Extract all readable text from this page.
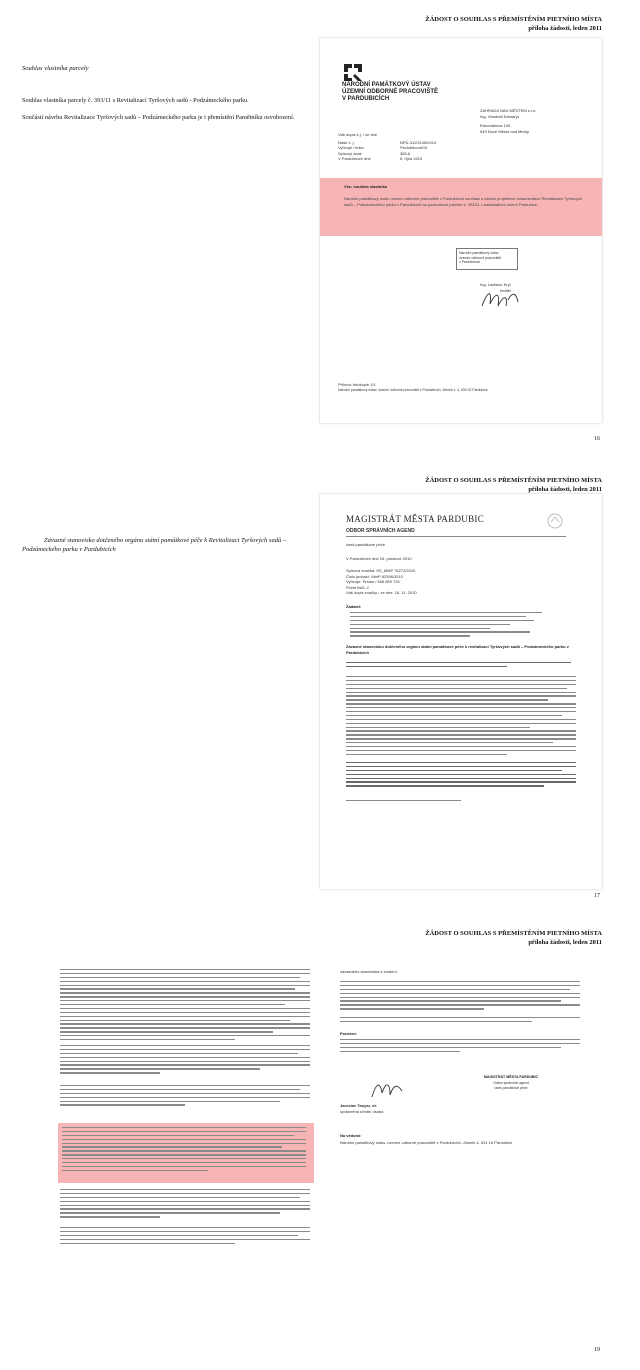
ŽÁDOST O SOUHLAS S PŘEMÍSTĚNÍM PIETNÍHO MÍSTA
příloha žádosti, leden 2011
Souhlas vlastníka parcely
Souhlas vlastníka parcely č. 393/11 s Revitalizací Tyršových sadů - Podzámeckého parku.
Součástí návrhu Revitalizace Tyršových sadů – Podzámeckého parku je i přemístění Pamětníku osvobození.
NÁRODNÍ PAMÁTKOVÝ ÚSTAV
ÚZEMNÍ ODBORNÉ PRACOVIŠTĚ
V PARDUBICÍCH
ZAHRADA NAD MĚSTEM s.r.o.
Ing. Vlastimil Kamaryt
Eskoviákova 139
549 Nové Město nad Metují
Váš dopis č.j. / ze dne
Naše č. j.
Vyřizuje / linka
Spisový znak
V Pardubicích dne
NPÚ-311/3145/2010
Pecháčková/15
366.6
5. října 2010
Věc: souhlas vlastníka
Národní památkový ústav územní odborné pracoviště v Pardubicích souhlasí s částmi projektové dokumentace Revitalizace Tyršových sadů – Podzámeckého parku v Pardubicích na pozemkové parcele č. 393/11 v katastrálním území Pardubice.
Národní památkový ústav
územní odborné pracoviště
v Pardubicích
Ing. Ladislav Kryl
ředitel
Příloha: fotokopie 1/1
Národní památkový ústav, územní odborné pracoviště v Pardubicích, Zámek č. 4, 530 02 Pardubice
16
ŽÁDOST O SOUHLAS S PŘEMÍSTĚNÍM PIETNÍHO MÍSTA
příloha žádosti, leden 2011
Závazné stanovisko dotčeného orgánu státní památkové péče k Revitalizaci Tyršových sadů – Podzámeckého parku v Pardubicích
MAGISTRÁT MĚSTA PARDUBIC
ODBOR SPRÁVNÍCH AGEND
úsek památkové péče
V Pardubicích dne 16. prosince 2010
Spisová značka: SS_MMP 76272/2010
Číslo jednací: MmP 82396/2010
Vyřizuje: Tirsian / 466 859 724
Počet listů: 2
Váš dopis značky / ze dne: 16. 11. 2010
Žadatel:
Závazné stanovisko dotčeného orgánu státní památkové péče k revitalizaci Tyršových sadů – Podzámeckého parku v Pardubicích
17
ŽÁDOST O SOUHLAS S PŘEMÍSTĚNÍM PIETNÍHO MÍSTA
příloha žádosti, leden 2011
závazného stanoviska k zrušení.
Poučení:
Jaroslav Tauyar, dr.
oprávněná úřední osoba
MAGISTRÁT MĚSTA PARDUBIC
Odbor správních agend
úsek památkové péče
Na vědomí:
Národní památkový ústav, územní odborné pracoviště v Pardubicích, Zámek 4, 531 16 Pardubice
19
